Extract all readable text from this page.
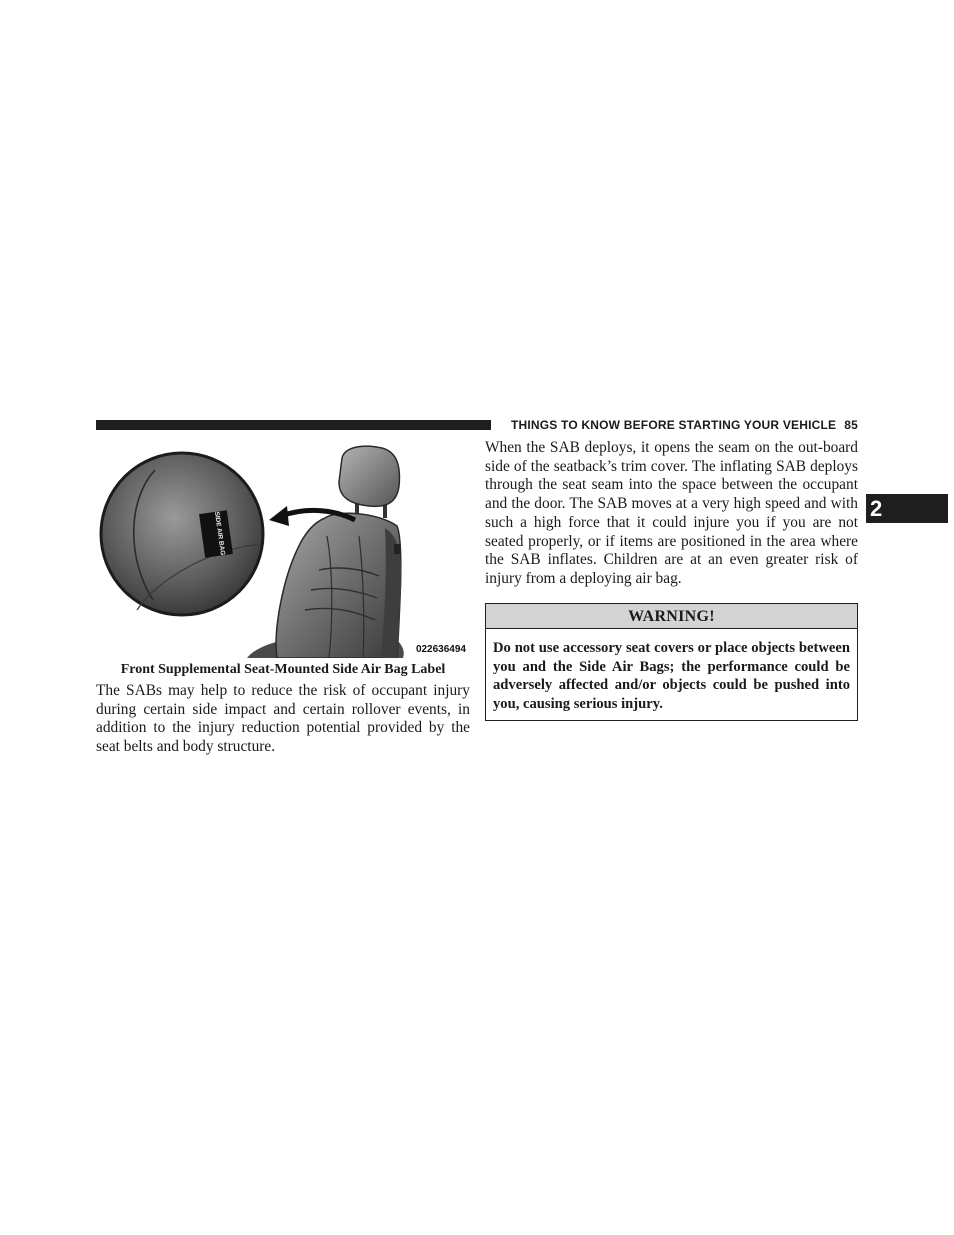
THINGS TO KNOW BEFORE STARTING YOUR VEHICLE 85
2
SIDE AIR BAG
022636494
Front Supplemental Seat-Mounted Side Air Bag Label
The SABs may help to reduce the risk of occupant injury during certain side impact and certain rollover events, in addition to the injury reduction potential provided by the seat belts and body structure.
When the SAB deploys, it opens the seam on the out-board side of the seatback’s trim cover. The inflating SAB deploys through the seat seam into the space between the occupant and the door. The SAB moves at a very high speed and with such a high force that it could injure you if you are not seated properly, or if items are positioned in the area where the SAB inflates. Children are at an even greater risk of injury from a deploying air bag.
WARNING!
Do not use accessory seat covers or place objects between you and the Side Air Bags; the performance could be adversely affected and/or objects could be pushed into you, causing serious injury.
